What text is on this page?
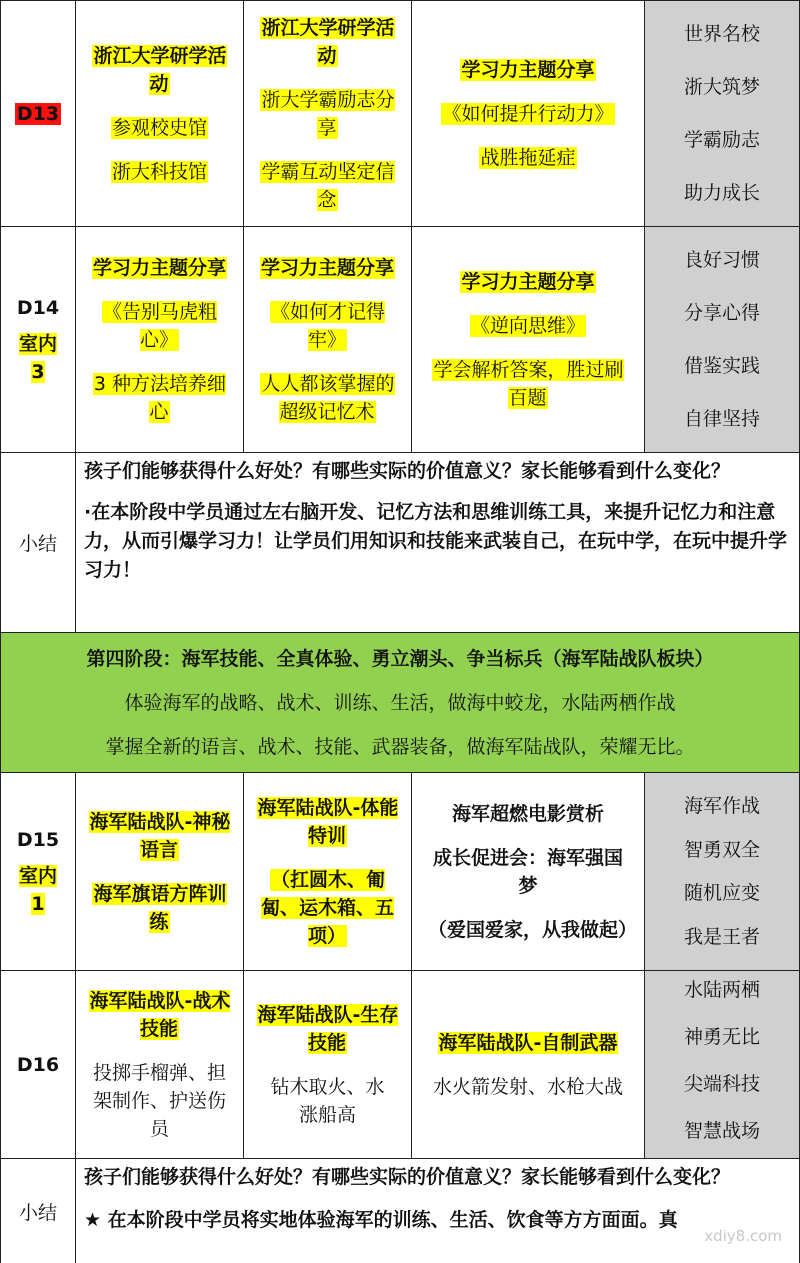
D13
浙江大学研学活动
参观校史馆
浙大科技馆
浙江大学研学活动
浙大学霸励志分享
学霸互动坚定信念
学习力主题分享
《如何提升行动力》
战胜拖延症
世界名校
浙大筑梦
学霸励志
助力成长
D14
室内3
学习力主题分享
《告别马虎粗心》
3 种方法培养细心
学习力主题分享
《如何才记得牢》
人人都该掌握的超级记忆术
学习力主题分享
《逆向思维》
学会解析答案，胜过刷百题
良好习惯
分享心得
借鉴实践
自律坚持
小结
孩子们能够获得什么好处？有哪些实际的价值意义？家长能够看到什么变化？
·在本阶段中学员通过左右脑开发、记忆方法和思维训练工具，来提升记忆力和注意力，从而引爆学习力！让学员们用知识和技能来武装自己，在玩中学，在玩中提升学习力！
第四阶段：海军技能、全真体验、勇立潮头、争当标兵（海军陆战队板块）
体验海军的战略、战术、训练、生活，做海中蛟龙，水陆两栖作战
掌握全新的语言、战术、技能、武器装备，做海军陆战队，荣耀无比。
D15
室内1
海军陆战队-神秘语言
海军旗语方阵训练
海军陆战队-体能特训
（扛圆木、匍匐、运木箱、五项）
海军超燃电影赏析
成长促进会：海军强国梦
（爱国爱家，从我做起）
海军作战
智勇双全
随机应变
我是王者
D16
海军陆战队-战术技能
投掷手榴弹、担架制作、护送伤员
海军陆战队-生存技能
钻木取火、水涨船高
海军陆战队-自制武器
水火箭发射、水枪大战
水陆两栖
神勇无比
尖端科技
智慧战场
小结
孩子们能够获得什么好处？有哪些实际的价值意义？家长能够看到什么变化？
★ 在本阶段中学员将实地体验海军的训练、生活、饮食等方方面面。真
xdiy8.com
